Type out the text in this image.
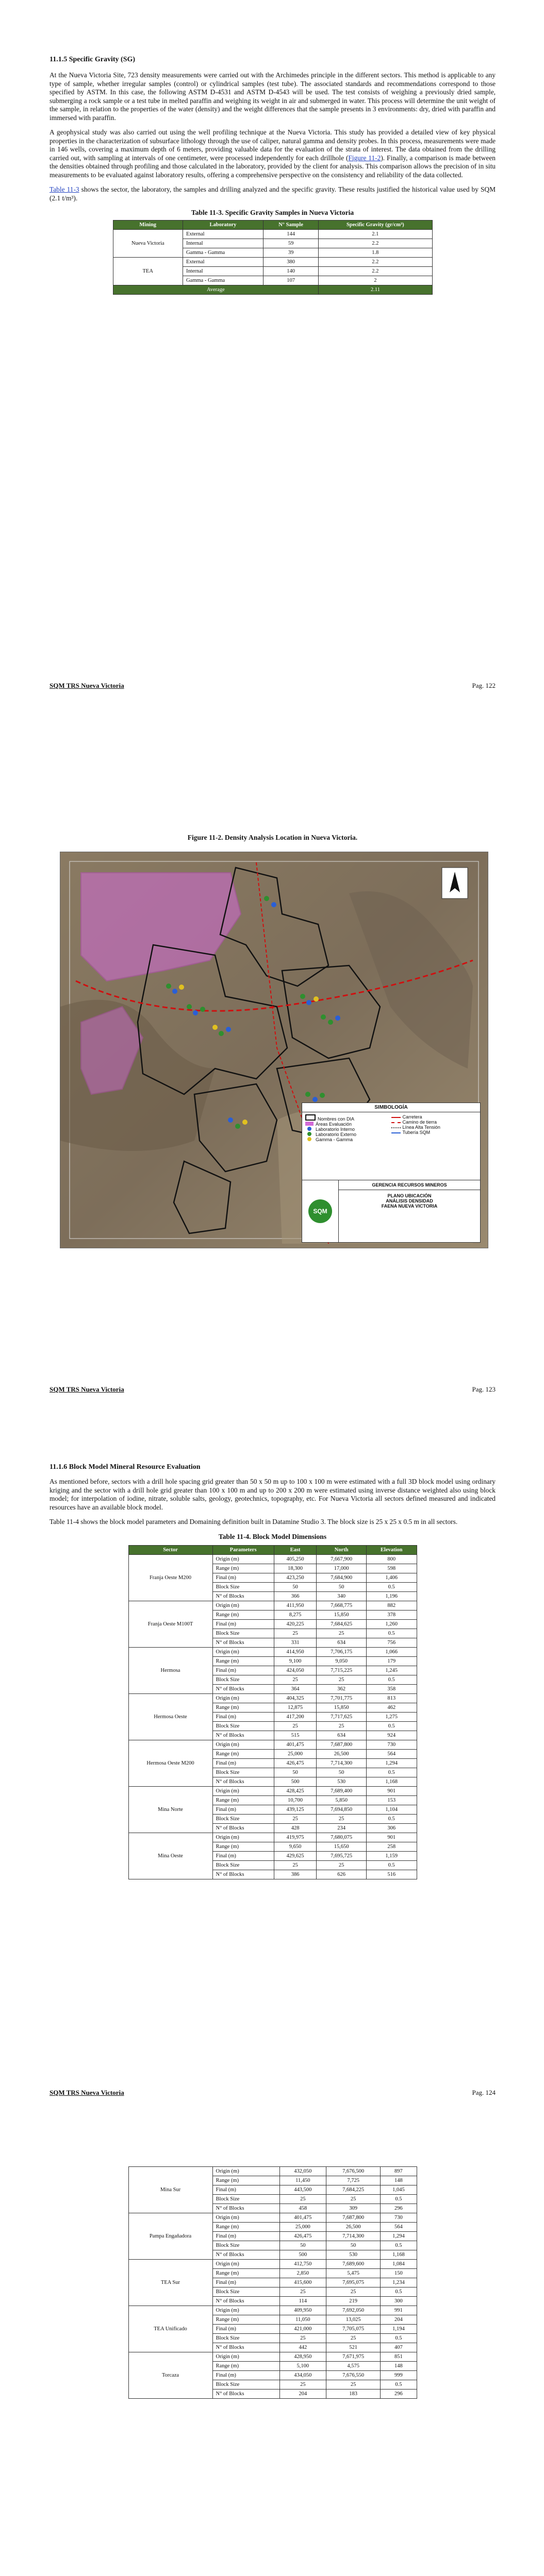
11.1.5 Specific Gravity (SG)

At the Nueva Victoria Site, 723 density measurements were carried out with the Archimedes principle in the different sectors. This method is applicable to any type of sample, whether irregular samples (control) or cylindrical samples (test tube). The associated standards and recommendations correspond to those specified by ASTM. In this case, the following ASTM D-4531 and ASTM D-4543 will be used. The test consists of weighing a previously dried sample, submerging a rock sample or a test tube in melted paraffin and weighing its weight in air and submerged in water. This process will determine the unit weight of the sample, in relation to the properties of the water (density) and the weight differences that the sample presents in 3 environments: dry, dried with paraffin and immersed with paraffin.

A geophysical study was also carried out using the well profiling technique at the Nueva Victoria. This study has provided a detailed view of key physical properties in the characterization of subsurface lithology through the use of caliper, natural gamma and density probes. In this process, measurements were made in 146 wells, covering a maximum depth of 6 meters, providing valuable data for the evaluation of the strata of interest. The data obtained from the drilling carried out, with sampling at intervals of one centimeter, were processed independently for each drillhole (Figure 11-2). Finally, a comparison is made between the densities obtained through profiling and those calculated in the laboratory, provided by the client for analysis. This comparison allows the precision of in situ measurements to be evaluated against laboratory results, offering a comprehensive perspective on the consistency and reliability of the data collected.

Table 11-3 shows the sector, the laboratory, the samples and drilling analyzed and the specific gravity. These results justified the historical value used by SQM (2.1 t/m³).

Table 11-3. Specific Gravity Samples in Nueva Victoria

Mining	Laboratory	N° Sample	Specific Gravity (gr/cm³)
Nueva Victoria	External	144	2.1
	Internal	59	2.2
	Gamma - Gamma	39	1.8
TEA	External	380	2.2
	Internal	140	2.2
	Gamma - Gamma	107	2
Average			2.11
SQM TRS Nueva Victoria	Pag. 122

Figure 11-2. Density Analysis Location in Nueva Victoria.

SIMBOLOGÍA
Nombres con DIA
Áreas Evaluación
Laboratorio Interno
Laboratorio Externo
Gamma - Gamma
Carretera
Camino de tierra
Línea Alta Tensión
Tubería SQM
SQM
GERENCIA RECURSOS MINEROS
PLANO UBICACIÓN
ANÁLISIS DENSIDAD
FAENA NUEVA VICTORIA
SQM TRS Nueva Victoria	Pag. 123
11.1.6 Block Model Mineral Resource Evaluation

As mentioned before, sectors with a drill hole spacing grid greater than 50 x 50 m up to 100 x 100 m were estimated with a full 3D block model using ordinary kriging and the sector with a drill hole grid greater than 100 x 100 m and up to 200 x 200 m were estimated using inverse distance weighted also using block model; for interpolation of iodine, nitrate, soluble salts, geology, geotechnics, topography, etc. For Nueva Victoria all sectors defined measured and indicated resources have an available block model.

Table 11-4 shows the block model parameters and Domaining definition built in Datamine Studio 3. The block size is 25 x 25 x 0.5 m in all sectors.

Table 11-4. Block Model Dimensions

Sector	Parameters	East	North	Elevation
Franja Oeste M200	Origin (m)	405,250	7,667,900	800
	Range (m)	18,300	17,000	598
	Final (m)	423,250	7,684,900	1,406
	Block Size	50	50	0.5
	N° of Blocks	366	340	1,196
Franja Oeste M100T	Origin (m)	411,950	7,668,775	882
	Range (m)	8,275	15,850	378
	Final (m)	420,225	7,684,625	1,260
	Block Size	25	25	0.5
	N° of Blocks	331	634	756
Hermosa	Origin (m)	414,950	7,706,175	1,066
	Range (m)	9,100	9,050	179
	Final (m)	424,050	7,715,225	1,245
	Block Size	25	25	0.5
	N° of Blocks	364	362	358
Hermosa Oeste	Origin (m)	404,325	7,701,775	813
	Range (m)	12,875	15,850	462
	Final (m)	417,200	7,717,625	1,275
	Block Size	25	25	0.5
	N° of Blocks	515	634	924
Hermosa Oeste M200	Origin (m)	401,475	7,687,800	730
	Range (m)	25,000	26,500	564
	Final (m)	426,475	7,714,300	1,294
	Block Size	50	50	0.5
	N° of Blocks	500	530	1,168
Mina Norte	Origin (m)	428,425	7,689,400	901
	Range (m)	10,700	5,850	153
	Final (m)	439,125	7,694,850	1,104
	Block Size	25	25	0.5
	N° of Blocks	428	234	306
Mina Oeste	Origin (m)	419,975	7,680,075	901
	Range (m)	9,650	15,650	258
	Final (m)	429,625	7,695,725	1,159
	Block Size	25	25	0.5
	N° of Blocks	386	626	516
SQM TRS Nueva Victoria	Pag. 124
Mina Sur	Origin (m)	432,050	7,676,500	897
	Range (m)	11,450	7,725	148
	Final (m)	443,500	7,684,225	1,045
	Block Size	25	25	0.5
	N° of Blocks	458	309	296
Pampa Engañadora	Origin (m)	401,475	7,687,800	730
	Range (m)	25,000	26,500	564
	Final (m)	426,475	7,714,300	1,294
	Block Size	50	50	0.5
	N° of Blocks	500	530	1,168
TEA Sur	Origin (m)	412,750	7,689,600	1,084
	Range (m)	2,850	5,475	150
	Final (m)	415,600	7,695,075	1,234
	Block Size	25	25	0.5
	N° of Blocks	114	219	300
TEA Unificado	Origin (m)	409,950	7,692,050	991
	Range (m)	11,050	13,025	204
	Final (m)	421,000	7,705,075	1,194
	Block Size	25	25	0.5
	N° of Blocks	442	521	407
Torcaza	Origin (m)	428,950	7,671,975	851
	Range (m)	5,100	4,575	148
	Final (m)	434,050	7,676,550	999
	Block Size	25	25	0.5
	N° of Blocks	204	183	296
